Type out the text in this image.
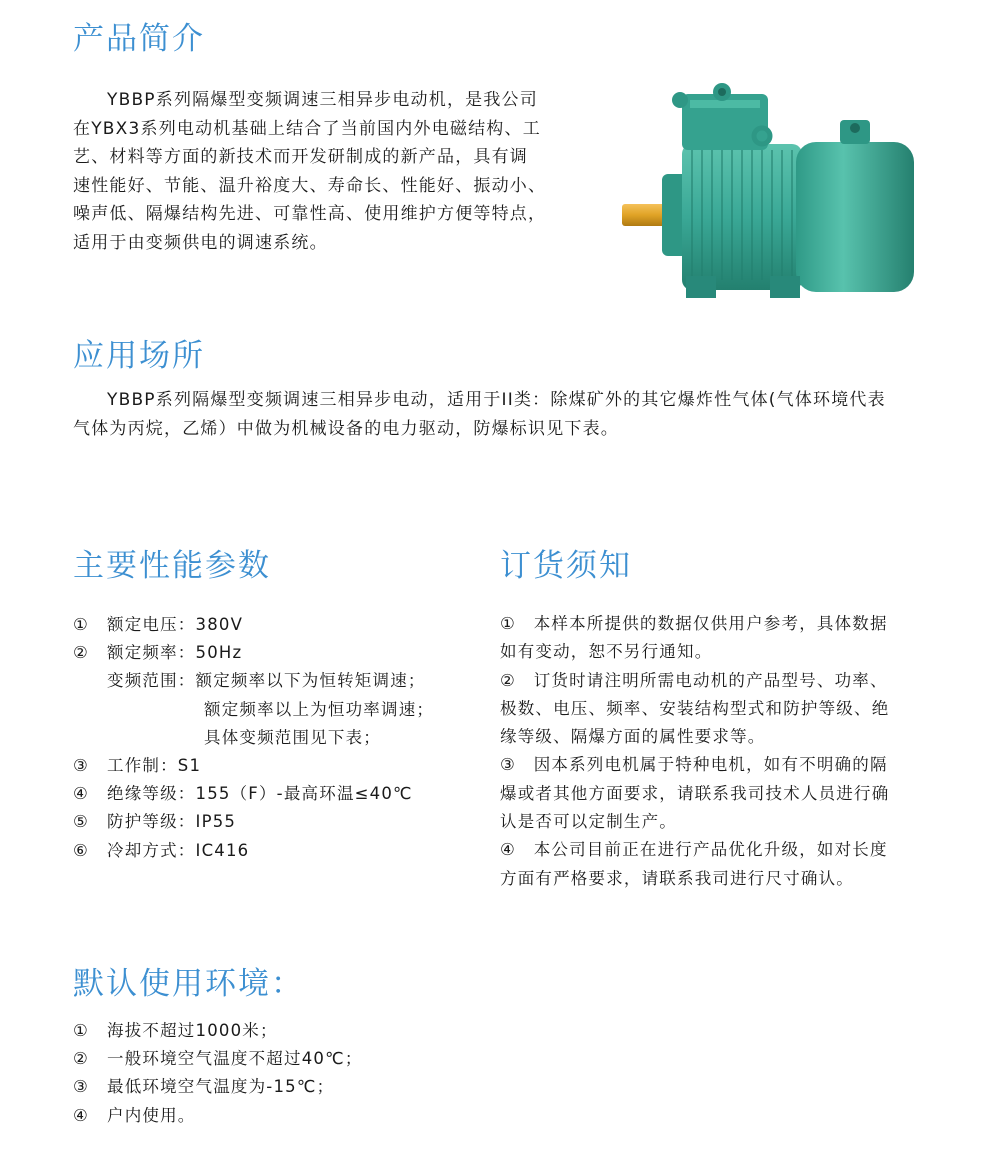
产品简介
YBBP系列隔爆型变频调速三相异步电动机，是我公司
在YBX3系列电动机基础上结合了当前国内外电磁结构、工
艺、材料等方面的新技术而开发研制成的新产品，具有调
速性能好、节能、温升裕度大、寿命长、性能好、振动小、
噪声低、隔爆结构先进、可靠性高、使用维护方便等特点，
适用于由变频供电的调速系统。
应用场所
YBBP系列隔爆型变频调速三相异步电动，适用于II类：除煤矿外的其它爆炸性气体(气体环境代表
气体为丙烷，乙烯）中做为机械设备的电力驱动，防爆标识见下表。
主要性能参数
① 额定电压：380V
② 额定频率：50Hz
变频范围：额定频率以下为恒转矩调速；
额定频率以上为恒功率调速；
具体变频范围见下表；
③ 工作制：S1
④ 绝缘等级：155（F）-最高环温≤40℃
⑤ 防护等级：IP55
⑥ 冷却方式：IC416
订货须知
①　本样本所提供的数据仅供用户参考，具体数据
如有变动，恕不另行通知。
②　订货时请注明所需电动机的产品型号、功率、
极数、电压、频率、安装结构型式和防护等级、绝
缘等级、隔爆方面的属性要求等。
③　因本系列电机属于特种电机，如有不明确的隔
爆或者其他方面要求，请联系我司技术人员进行确
认是否可以定制生产。
④　本公司目前正在进行产品优化升级，如对长度
方面有严格要求，请联系我司进行尺寸确认。
默认使用环境：
① 海拔不超过1000米；
② 一般环境空气温度不超过40℃；
③ 最低环境空气温度为-15℃；
④ 户内使用。
